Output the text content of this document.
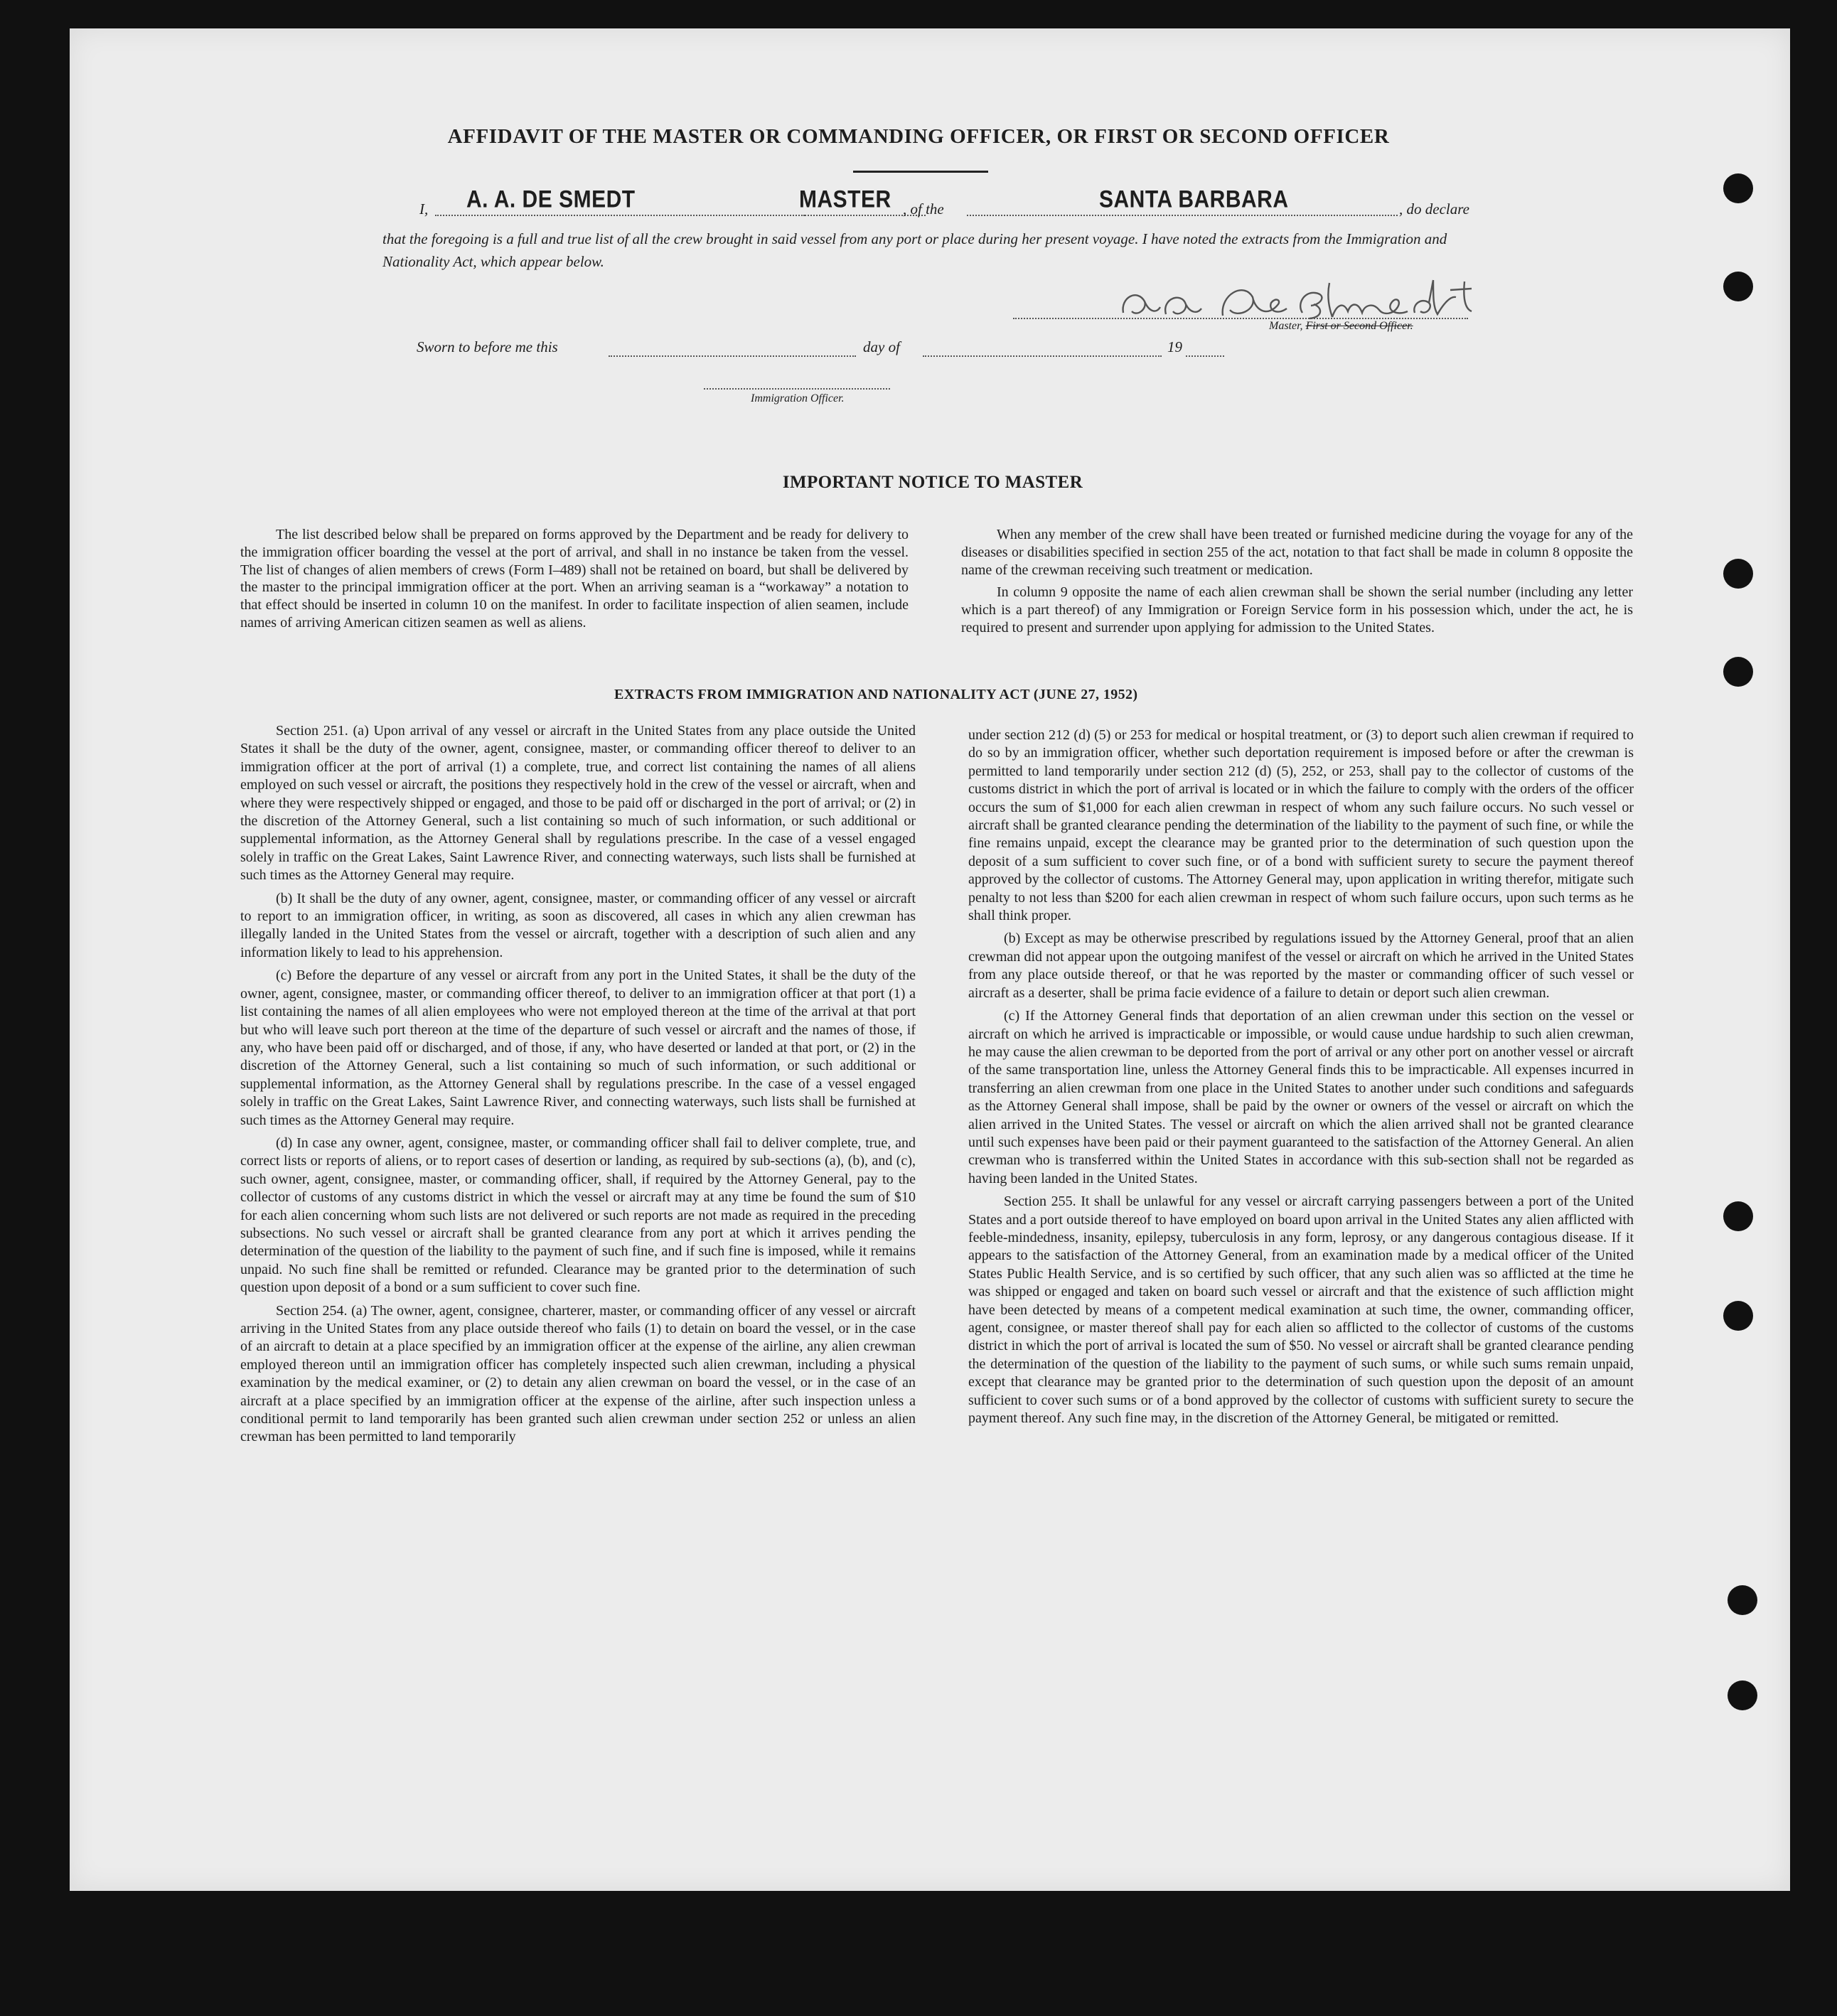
AFFIDAVIT OF THE MASTER OR COMMANDING OFFICER, OR FIRST OR SECOND OFFICER
I, A. A. DE SMEDT	MASTER , of the	SANTA BARBARA	, do declare
that the foregoing is a full and true list of all the crew brought in said vessel from any port or place during her present voyage. I have noted the extracts from the Immigration and Nationality Act, which appear below.
Master, First or Second Officer.
Sworn to before me this	day of	19
Immigration Officer.
IMPORTANT NOTICE TO MASTER

The list described below shall be prepared on forms approved by the Department and be ready for delivery to the immigration officer boarding the vessel at the port of arrival, and shall in no instance be taken from the vessel. The list of changes of alien members of crews (Form I–489) shall not be retained on board, but shall be delivered by the master to the principal immigration officer at the port. When an arriving seaman is a “workaway” a notation to that effect should be inserted in column 10 on the manifest. In order to facilitate inspection of alien seamen, include names of arriving American citizen seamen as well as aliens.

When any member of the crew shall have been treated or furnished medicine during the voyage for any of the diseases or disabilities specified in section 255 of the act, notation to that fact shall be made in column 8 opposite the name of the crewman receiving such treatment or medication.

In column 9 opposite the name of each alien crewman shall be shown the serial number (including any letter which is a part thereof) of any Immigration or Foreign Service form in his possession which, under the act, he is required to present and surrender upon applying for admission to the United States.

EXTRACTS FROM IMMIGRATION AND NATIONALITY ACT (JUNE 27, 1952)

Section 251. (a) Upon arrival of any vessel or aircraft in the United States from any place outside the United States it shall be the duty of the owner, agent, consignee, master, or commanding officer thereof to deliver to an immigration officer at the port of arrival (1) a complete, true, and correct list containing the names of all aliens employed on such vessel or aircraft, the positions they respectively hold in the crew of the vessel or aircraft, when and where they were respectively shipped or engaged, and those to be paid off or discharged in the port of arrival; or (2) in the discretion of the Attorney General, such a list containing so much of such information, or such additional or supplemental information, as the Attorney General shall by regulations prescribe. In the case of a vessel engaged solely in traffic on the Great Lakes, Saint Lawrence River, and connecting waterways, such lists shall be furnished at such times as the Attorney General may require.

(b) It shall be the duty of any owner, agent, consignee, master, or commanding officer of any vessel or aircraft to report to an immigration officer, in writing, as soon as discovered, all cases in which any alien crewman has illegally landed in the United States from the vessel or aircraft, together with a description of such alien and any information likely to lead to his apprehension.

(c) Before the departure of any vessel or aircraft from any port in the United States, it shall be the duty of the owner, agent, consignee, master, or commanding officer thereof, to deliver to an immigration officer at that port (1) a list containing the names of all alien employees who were not employed thereon at the time of the arrival at that port but who will leave such port thereon at the time of the departure of such vessel or aircraft and the names of those, if any, who have been paid off or discharged, and of those, if any, who have deserted or landed at that port, or (2) in the discretion of the Attorney General, such a list containing so much of such information, or such additional or supplemental information, as the Attorney General shall by regulations prescribe. In the case of a vessel engaged solely in traffic on the Great Lakes, Saint Lawrence River, and connecting waterways, such lists shall be furnished at such times as the Attorney General may require.

(d) In case any owner, agent, consignee, master, or commanding officer shall fail to deliver complete, true, and correct lists or reports of aliens, or to report cases of desertion or landing, as required by sub-sections (a), (b), and (c), such owner, agent, consignee, master, or commanding officer, shall, if required by the Attorney General, pay to the collector of customs of any customs district in which the vessel or aircraft may at any time be found the sum of $10 for each alien concerning whom such lists are not delivered or such reports are not made as required in the preceding subsections. No such vessel or aircraft shall be granted clearance from any port at which it arrives pending the determination of the question of the liability to the payment of such fine, and if such fine is imposed, while it remains unpaid. No such fine shall be remitted or refunded. Clearance may be granted prior to the determination of such question upon deposit of a bond or a sum sufficient to cover such fine.

Section 254. (a) The owner, agent, consignee, charterer, master, or commanding officer of any vessel or aircraft arriving in the United States from any place outside thereof who fails (1) to detain on board the vessel, or in the case of an aircraft to detain at a place specified by an immigration officer at the expense of the airline, any alien crewman employed thereon until an immigration officer has completely inspected such alien crewman, including a physical examination by the medical examiner, or (2) to detain any alien crewman on board the vessel, or in the case of an aircraft at a place specified by an immigration officer at the expense of the airline, after such inspection unless a conditional permit to land temporarily has been granted such alien crewman under section 252 or unless an alien crewman has been permitted to land temporarily

under section 212 (d) (5) or 253 for medical or hospital treatment, or (3) to deport such alien crewman if required to do so by an immigration officer, whether such deportation requirement is imposed before or after the crewman is permitted to land temporarily under section 212 (d) (5), 252, or 253, shall pay to the collector of customs of the customs district in which the port of arrival is located or in which the failure to comply with the orders of the officer occurs the sum of $1,000 for each alien crewman in respect of whom any such failure occurs. No such vessel or aircraft shall be granted clearance pending the determination of the liability to the payment of such fine, or while the fine remains unpaid, except the clearance may be granted prior to the determination of such question upon the deposit of a sum sufficient to cover such fine, or of a bond with sufficient surety to secure the payment thereof approved by the collector of customs. The Attorney General may, upon application in writing therefor, mitigate such penalty to not less than $200 for each alien crewman in respect of whom such failure occurs, upon such terms as he shall think proper.

(b) Except as may be otherwise prescribed by regulations issued by the Attorney General, proof that an alien crewman did not appear upon the outgoing manifest of the vessel or aircraft on which he arrived in the United States from any place outside thereof, or that he was reported by the master or commanding officer of such vessel or aircraft as a deserter, shall be prima facie evidence of a failure to detain or deport such alien crewman.

(c) If the Attorney General finds that deportation of an alien crewman under this section on the vessel or aircraft on which he arrived is impracticable or impossible, or would cause undue hardship to such alien crewman, he may cause the alien crewman to be deported from the port of arrival or any other port on another vessel or aircraft of the same transportation line, unless the Attorney General finds this to be impracticable. All expenses incurred in transferring an alien crewman from one place in the United States to another under such conditions and safeguards as the Attorney General shall impose, shall be paid by the owner or owners of the vessel or aircraft on which the alien arrived in the United States. The vessel or aircraft on which the alien arrived shall not be granted clearance until such expenses have been paid or their payment guaranteed to the satisfaction of the Attorney General. An alien crewman who is transferred within the United States in accordance with this sub-section shall not be regarded as having been landed in the United States.

Section 255. It shall be unlawful for any vessel or aircraft carrying passengers between a port of the United States and a port outside thereof to have employed on board upon arrival in the United States any alien afflicted with feeble-mindedness, insanity, epilepsy, tuberculosis in any form, leprosy, or any dangerous contagious disease. If it appears to the satisfaction of the Attorney General, from an examination made by a medical officer of the United States Public Health Service, and is so certified by such officer, that any such alien was so afflicted at the time he was shipped or engaged and taken on board such vessel or aircraft and that the existence of such affliction might have been detected by means of a competent medical examination at such time, the owner, commanding officer, agent, consignee, or master thereof shall pay for each alien so afflicted to the collector of customs of the customs district in which the port of arrival is located the sum of $50. No vessel or aircraft shall be granted clearance pending the determination of the question of the liability to the payment of such sums, or while such sums remain unpaid, except that clearance may be granted prior to the determination of such question upon the deposit of an amount sufficient to cover such sums or of a bond approved by the collector of customs with sufficient surety to secure the payment thereof. Any such fine may, in the discretion of the Attorney General, be mitigated or remitted.
